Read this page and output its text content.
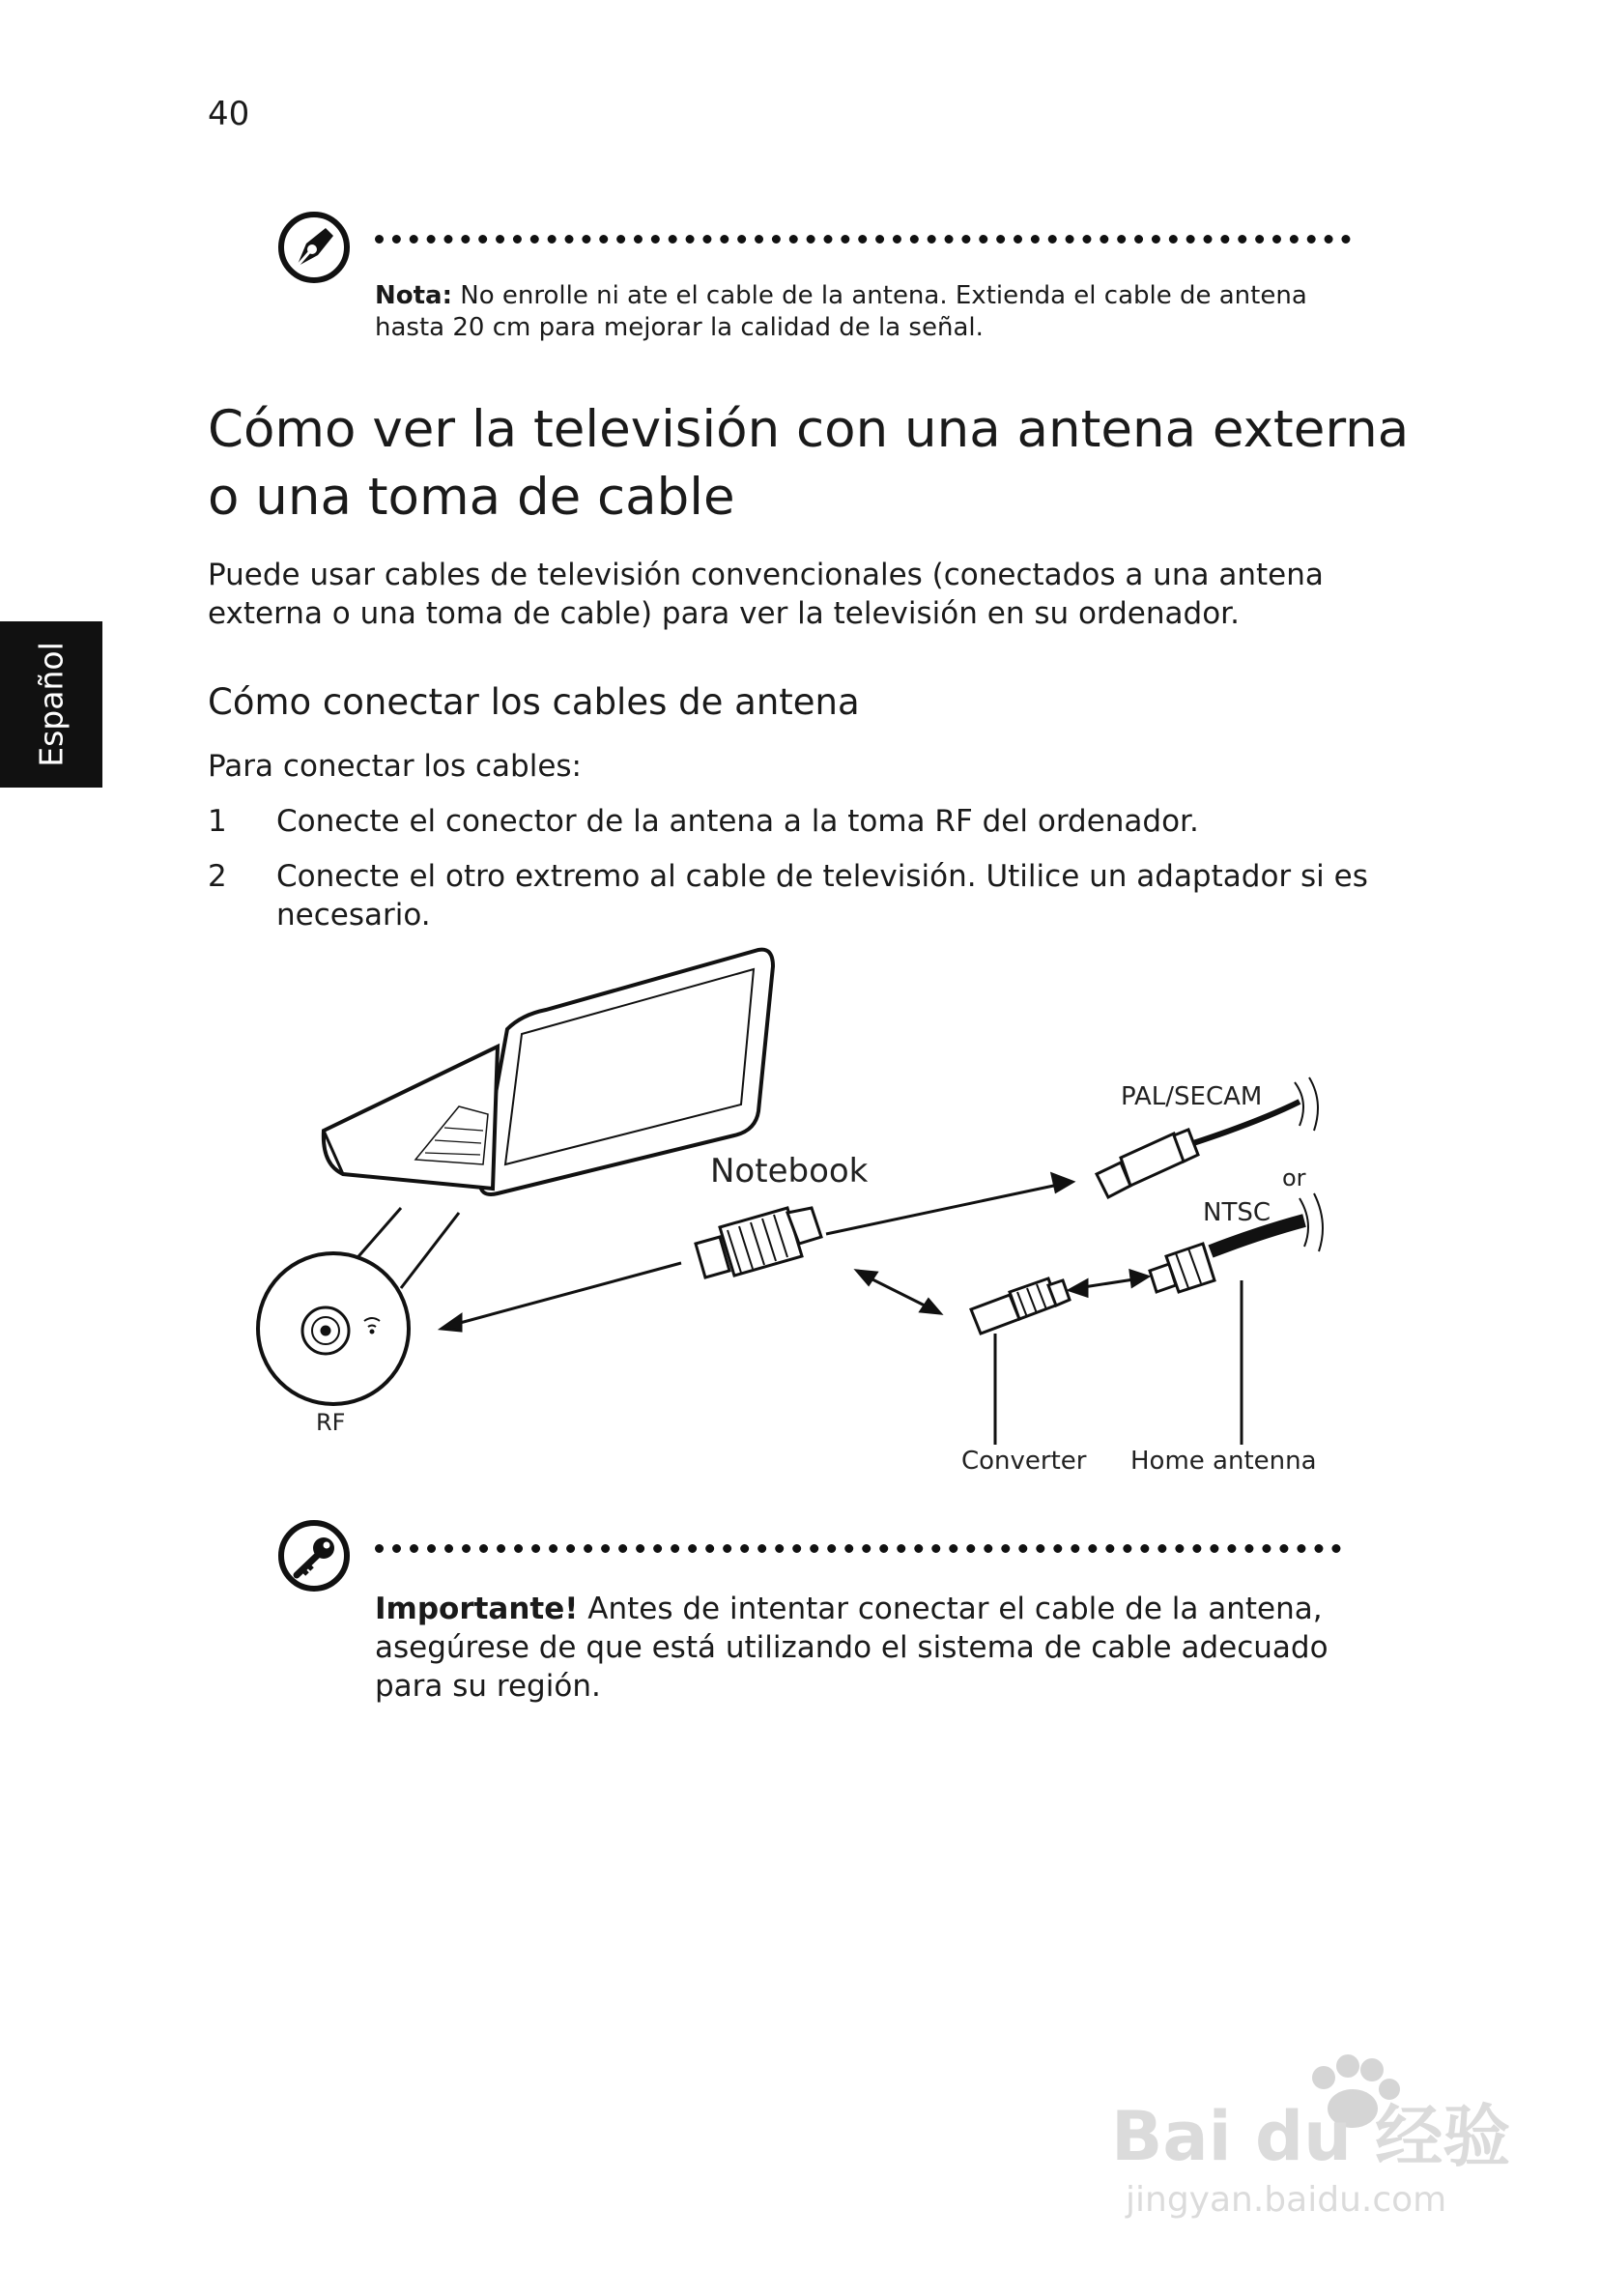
40
Español
Nota: No enrolle ni ate el cable de la antena. Extienda el cable de antena hasta 20 cm para mejorar la calidad de la señal.
Cómo ver la televisión con una antena externa o una toma de cable
Puede usar cables de televisión convencionales (conectados a una antena externa o una toma de cable) para ver la televisión en su ordenador.
Cómo conectar los cables de antena
Para conectar los cables:
1 Conecte el conector de la antena a la toma RF del ordenador.
2 Conecte el otro extremo al cable de televisión. Utilice un adaptador si es necesario.
Notebook
PAL/SECAM
or
NTSC
RF
Converter Home antenna
Importante! Antes de intentar conectar el cable de la antena, asegúrese de que está utilizando el sistema de cable adecuado para su región.
Bai du 经验
jingyan.baidu.com
